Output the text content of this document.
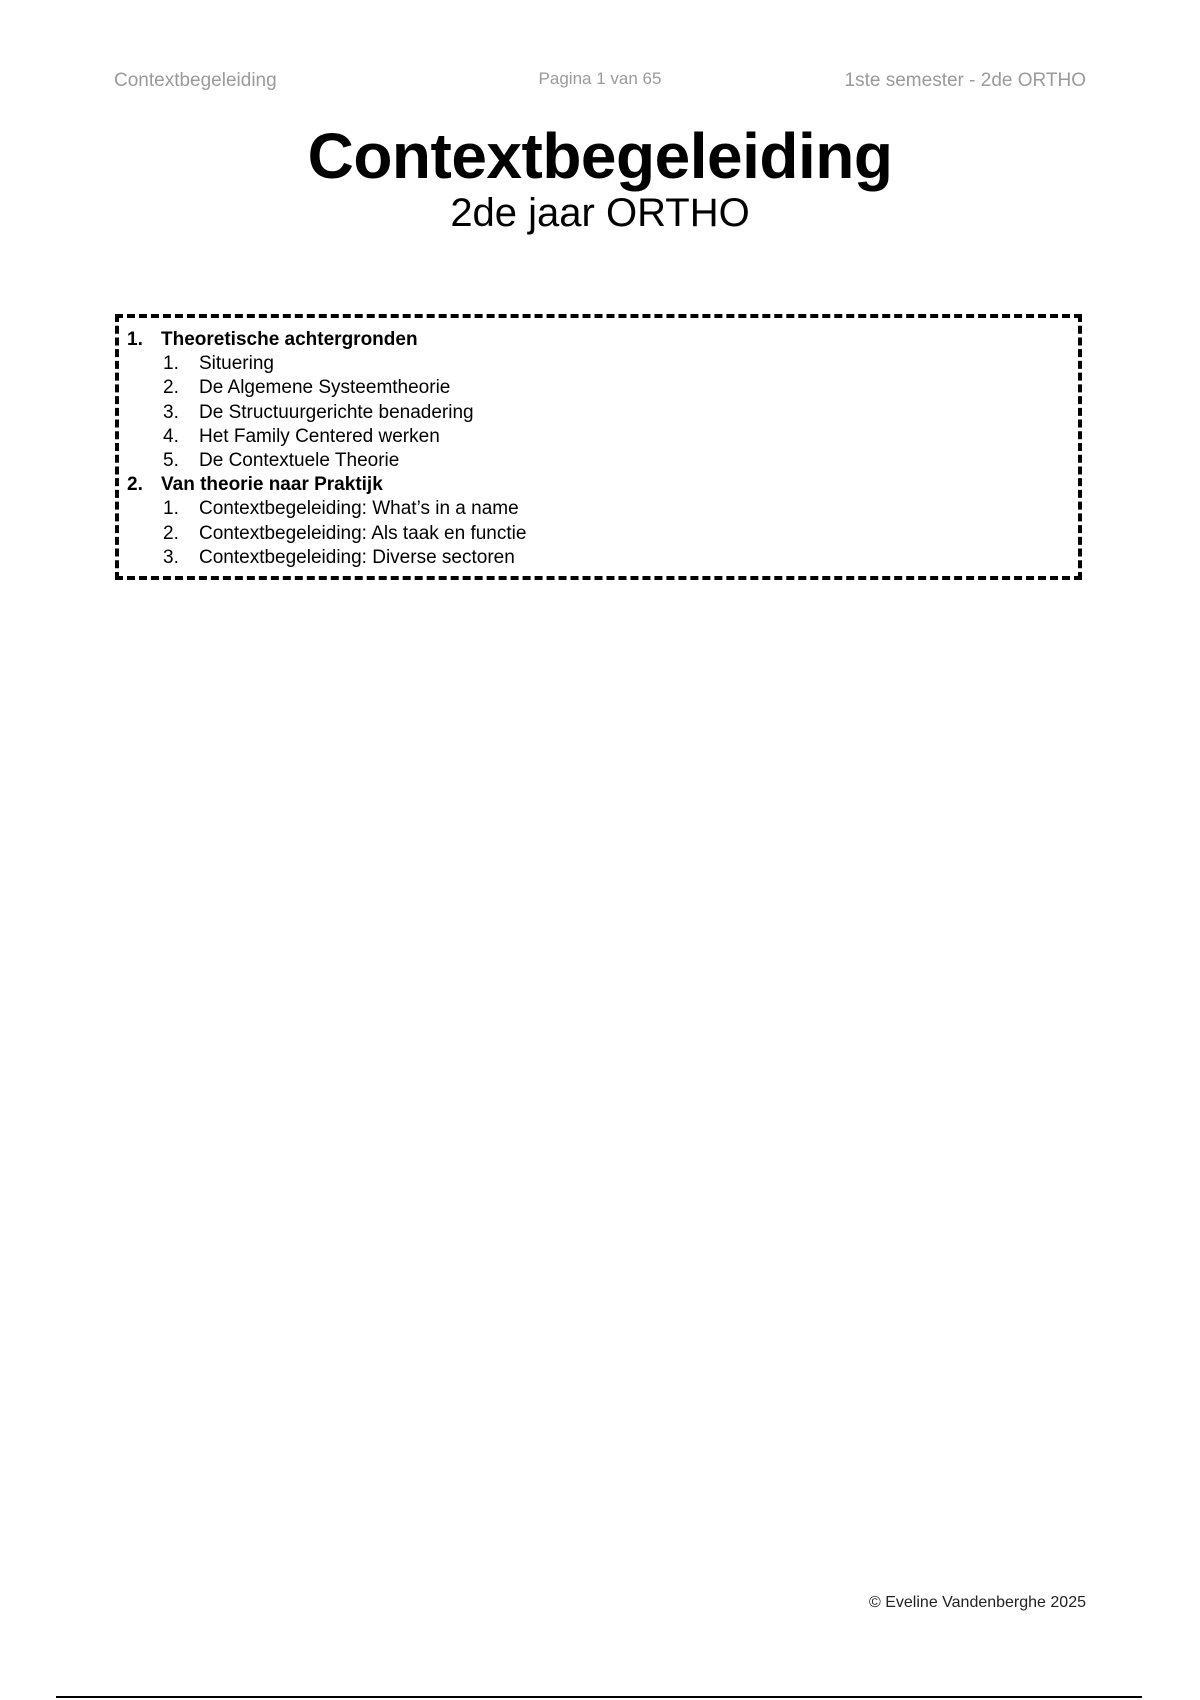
Contextbegeleiding	Pagina 1 van 65	1ste semester - 2de ORTHO
Contextbegeleiding
2de jaar ORTHO
1. Theoretische achtergronden
1. Situering
2. De Algemene Systeemtheorie
3. De Structuurgerichte benadering
4. Het Family Centered werken
5. De Contextuele Theorie
2. Van theorie naar Praktijk
1. Contextbegeleiding: What’s in a name
2. Contextbegeleiding: Als taak en functie
3. Contextbegeleiding: Diverse sectoren
© Eveline Vandenberghe 2025
